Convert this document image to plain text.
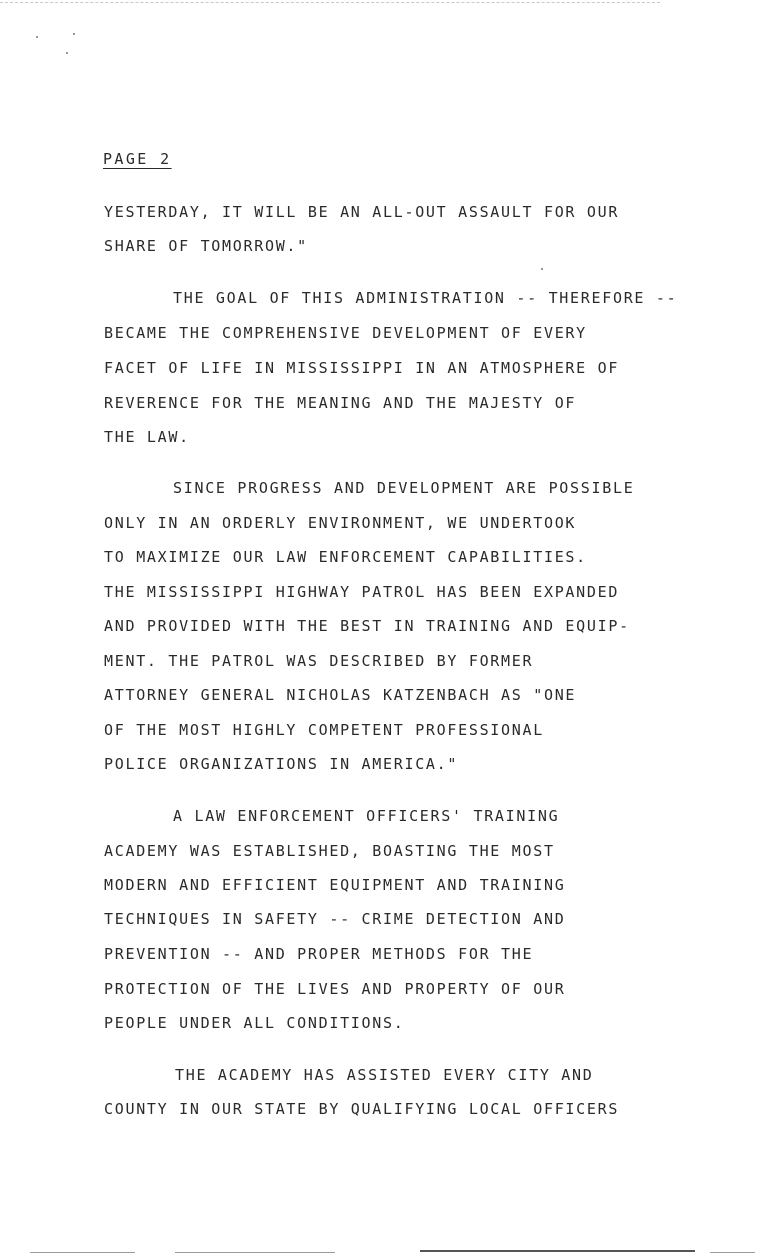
PAGE 2
YESTERDAY, IT WILL BE AN ALL-OUT ASSAULT FOR OUR
SHARE OF TOMORROW."
THE GOAL OF THIS ADMINISTRATION -- THEREFORE --
BECAME THE COMPREHENSIVE DEVELOPMENT OF EVERY
FACET OF LIFE IN MISSISSIPPI IN AN ATMOSPHERE OF
REVERENCE FOR THE MEANING AND THE MAJESTY OF
THE LAW.
SINCE PROGRESS AND DEVELOPMENT ARE POSSIBLE
ONLY IN AN ORDERLY ENVIRONMENT, WE UNDERTOOK
TO MAXIMIZE OUR LAW ENFORCEMENT CAPABILITIES.
THE MISSISSIPPI HIGHWAY PATROL HAS BEEN EXPANDED
AND PROVIDED WITH THE BEST IN TRAINING AND EQUIP-
MENT. THE PATROL WAS DESCRIBED BY FORMER
ATTORNEY GENERAL NICHOLAS KATZENBACH AS "ONE
OF THE MOST HIGHLY COMPETENT PROFESSIONAL
POLICE ORGANIZATIONS IN AMERICA."
A LAW ENFORCEMENT OFFICERS' TRAINING
ACADEMY WAS ESTABLISHED, BOASTING THE MOST
MODERN AND EFFICIENT EQUIPMENT AND TRAINING
TECHNIQUES IN SAFETY -- CRIME DETECTION AND
PREVENTION -- AND PROPER METHODS FOR THE
PROTECTION OF THE LIVES AND PROPERTY OF OUR
PEOPLE UNDER ALL CONDITIONS.
THE ACADEMY HAS ASSISTED EVERY CITY AND
COUNTY IN OUR STATE BY QUALIFYING LOCAL OFFICERS
